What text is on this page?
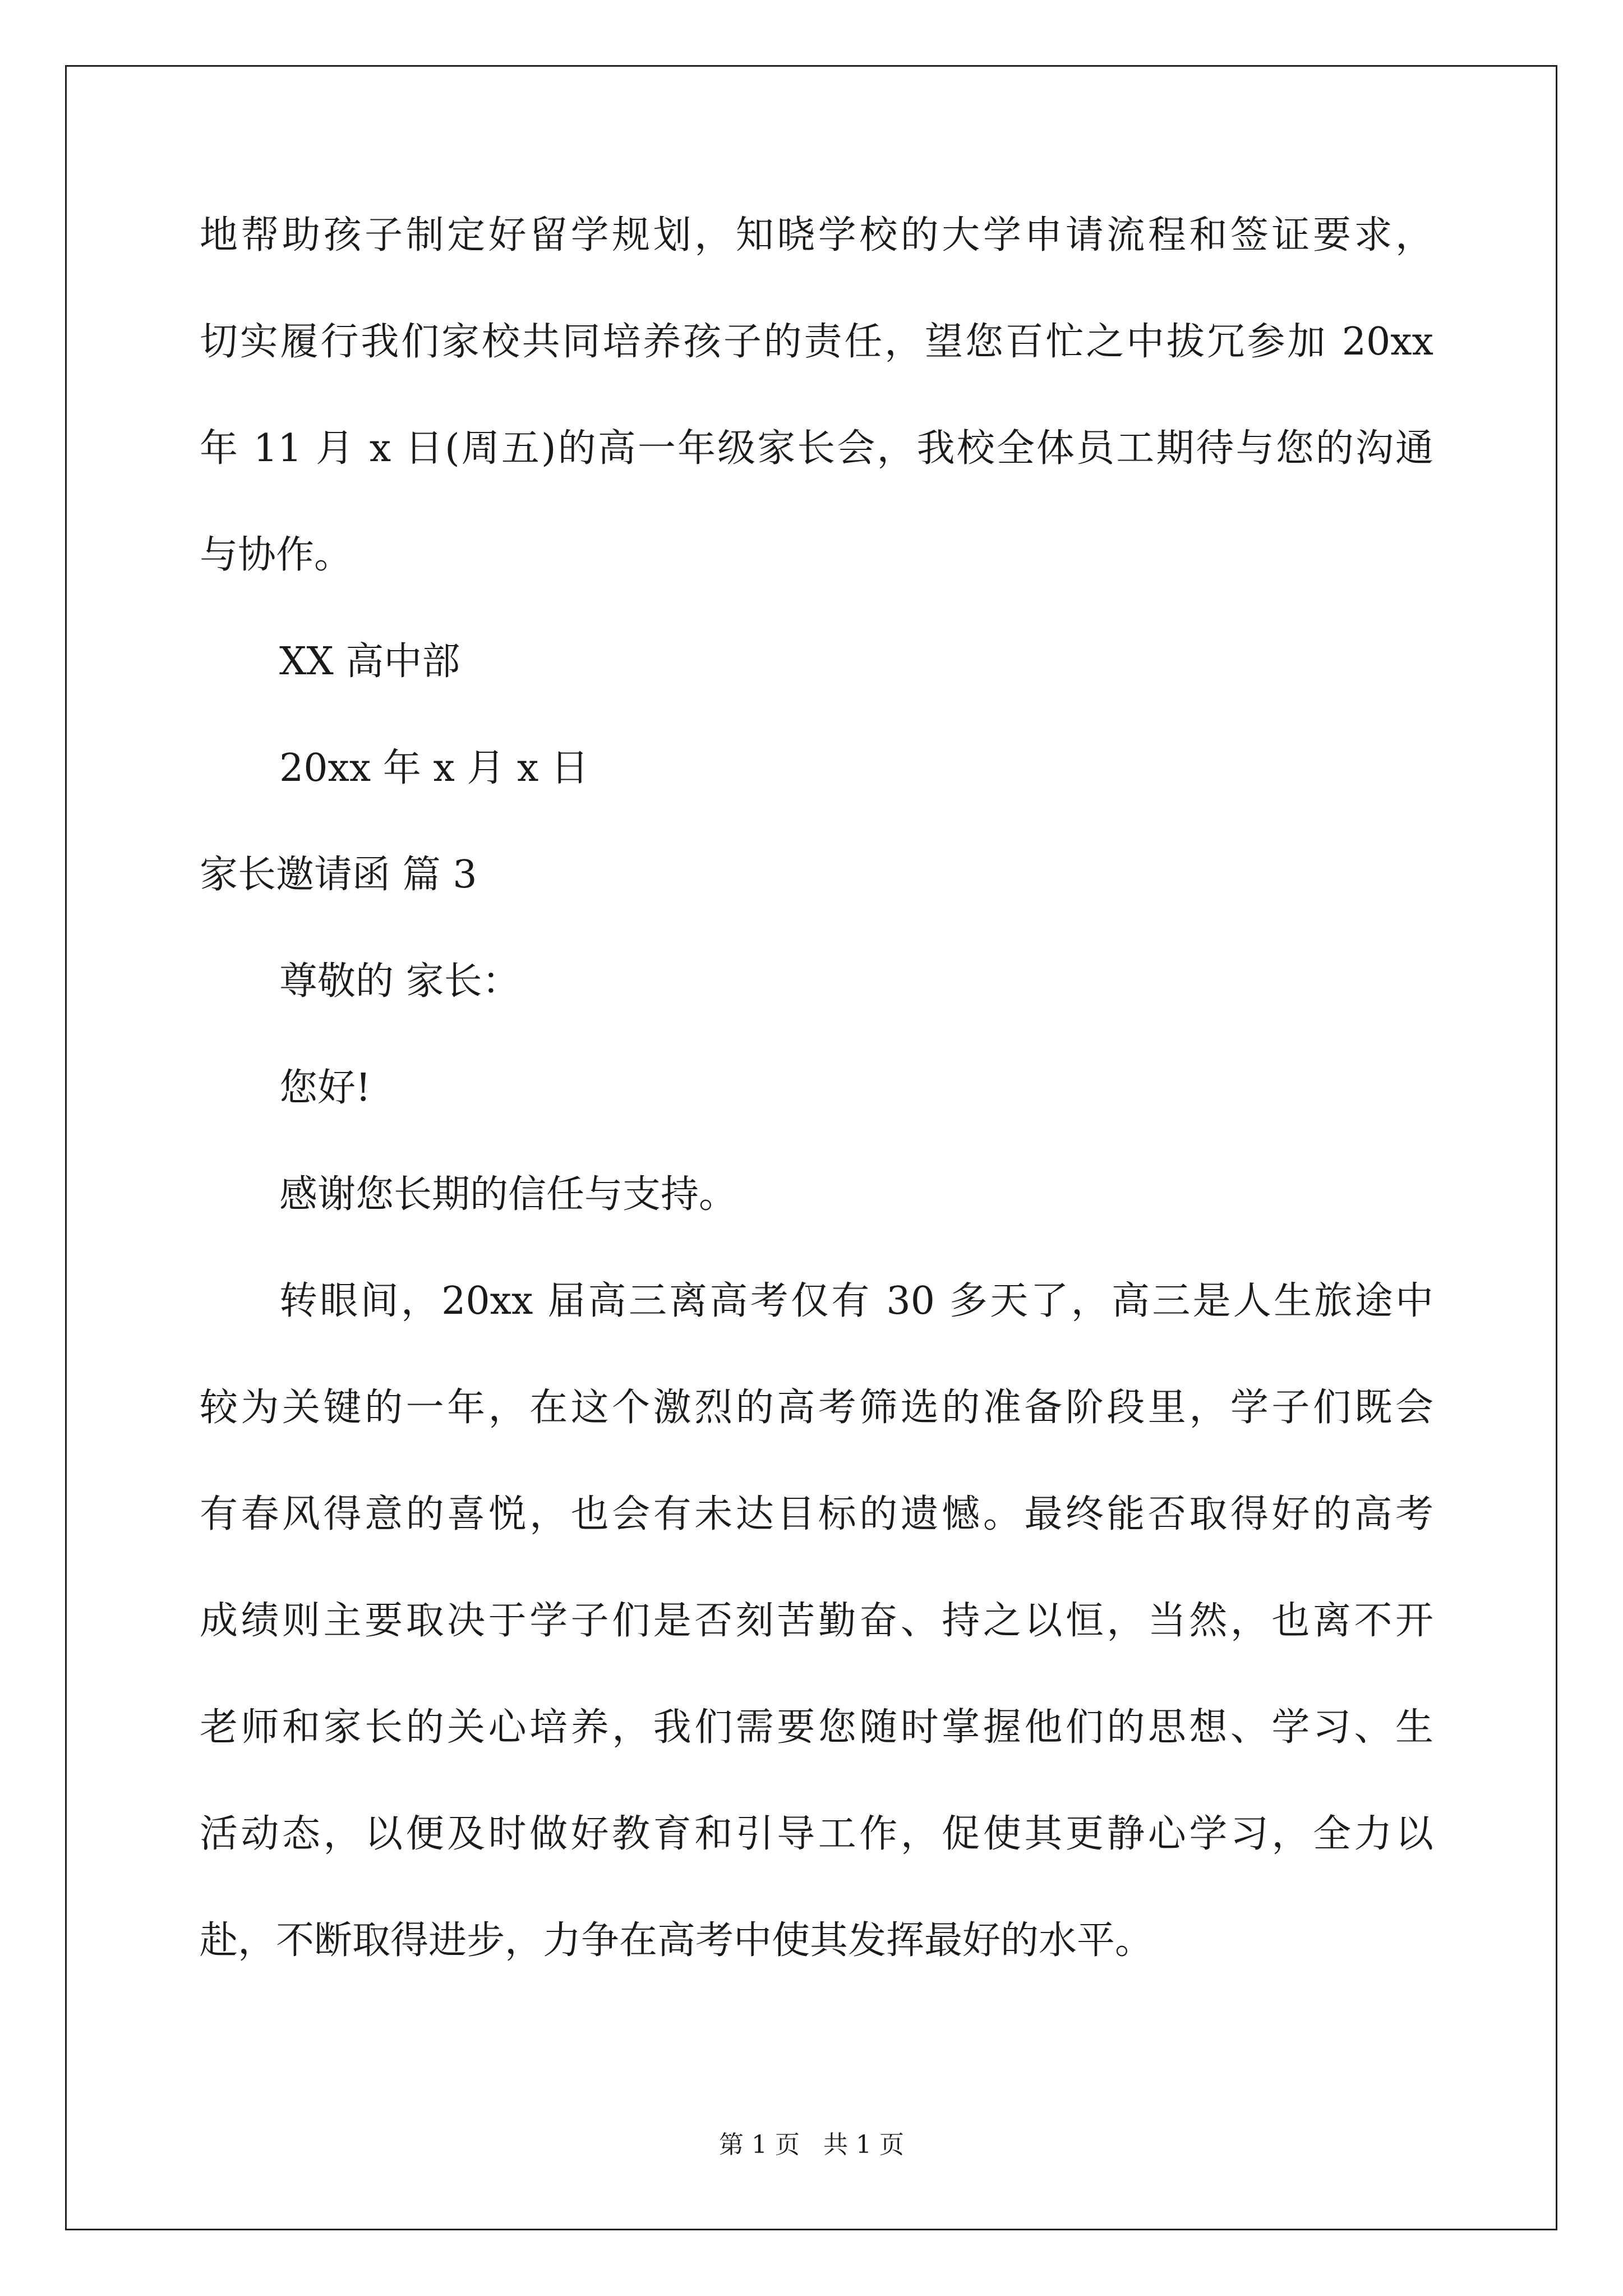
地帮助孩子制定好留学规划，知晓学校的大学申请流程和签证要求，
切实履行我们家校共同培养孩子的责任，望您百忙之中拔冗参加 20xx
年 11 月 x 日(周五)的高一年级家长会，我校全体员工期待与您的沟通
与协作。
XX 高中部
20xx 年 x 月 x 日
家长邀请函 篇 3
尊敬的 家长：
您好!
感谢您长期的信任与支持。
转眼间，20xx 届高三离高考仅有 30 多天了，高三是人生旅途中
较为关键的一年，在这个激烈的高考筛选的准备阶段里，学子们既会
有春风得意的喜悦，也会有未达目标的遗憾。最终能否取得好的高考
成绩则主要取决于学子们是否刻苦勤奋、持之以恒，当然，也离不开
老师和家长的关心培养，我们需要您随时掌握他们的思想、学习、生
活动态，以便及时做好教育和引导工作，促使其更静心学习，全力以
赴，不断取得进步，力争在高考中使其发挥最好的水平。
第 1 页   共 1 页
